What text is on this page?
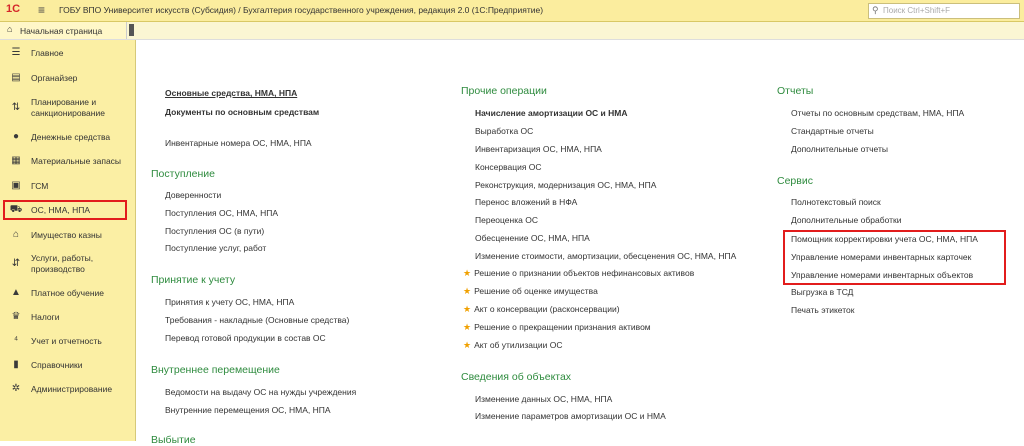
1С ≡ ГОБУ ВПО Университет искусств (Субсидия) / Бухгалтерия государственного учреждения, редакция 2.0 (1С:Предприятие)	⚲ Поиск Ctrl+Shift+F
⌂ Начальная страница
☰ Главное
▤ Органайзер
⇅	Планирование и
санкционирование
●	Денежные средства
▦ Материальные запасы
▣ ГСМ
⛟ ОС, НМА, НПА
⌂	Имущество казны
⇵	Услуги, работы,
производство
▲ Платное обучение
♛ Налоги
⁴	Учет и отчетность
▮	Справочники
✲	Администрирование
Основные средства, НМА, НПА
Документы по основным средствам
Инвентарные номера ОС, НМА, НПА
Поступление
Доверенности
Поступления ОС, НМА, НПА
Поступления ОС (в пути)
Поступление услуг, работ
Принятие к учету
Принятия к учету ОС, НМА, НПА
Требования - накладные (Основные средства)
Перевод готовой продукции в состав ОС
Внутреннее перемещение
Ведомости на выдачу ОС на нужды учреждения
Внутренние перемещения ОС, НМА, НПА
Выбытие
Прочие операции
Начисление амортизации ОС и НМА
Выработка ОС
Инвентаризация ОС, НМА, НПА
Консервация ОС
Реконструкция, модернизация ОС, НМА, НПА
Перенос вложений в НФА
Переоценка ОС
Обесценение ОС, НМА, НПА
Изменение стоимости, амортизации, обесценения ОС, НМА, НПА
★ Решение о признании объектов нефинансовых активов
★ Решение об оценке имущества
★ Акт о консервации (расконсервации)
★ Решение о прекращении признания активом
★ Акт об утилизации ОС
Сведения об объектах
Изменение данных ОС, НМА, НПА
Изменение параметров амортизации ОС и НМА
Отчеты
Отчеты по основным средствам, НМА, НПА
Стандартные отчеты
Дополнительные отчеты
Сервис
Полнотекстовый поиск
Дополнительные обработки
Помощник корректировки учета ОС, НМА, НПА
Управление номерами инвентарных карточек
Управление номерами инвентарных объектов
Выгрузка в ТСД
Печать этикеток
